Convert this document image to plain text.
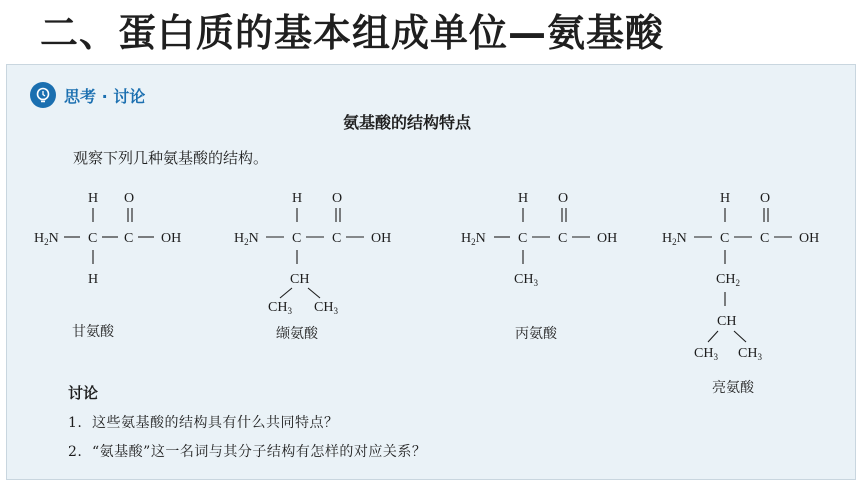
二、蛋白质的基本组成单位—氨基酸
思考 · 讨论
氨基酸的结构特点
观察下列几种氨基酸的结构。
H O
$H_2N$ C C OH
H
H O
$H_2N$ C C OH
CH
$CH_3$ $CH_3$
H O
$H_2N$ C C OH
$CH_3$
H O
$H_2N$ C C OH
$CH_2$
CH
$CH_3$ $CH_3$
甘氨酸	缬氨酸	丙氨酸
亮氨酸
讨论
1. 这些氨基酸的结构具有什么共同特点？
2. “氨基酸”这一名词与其分子结构有怎样的对应关系？
